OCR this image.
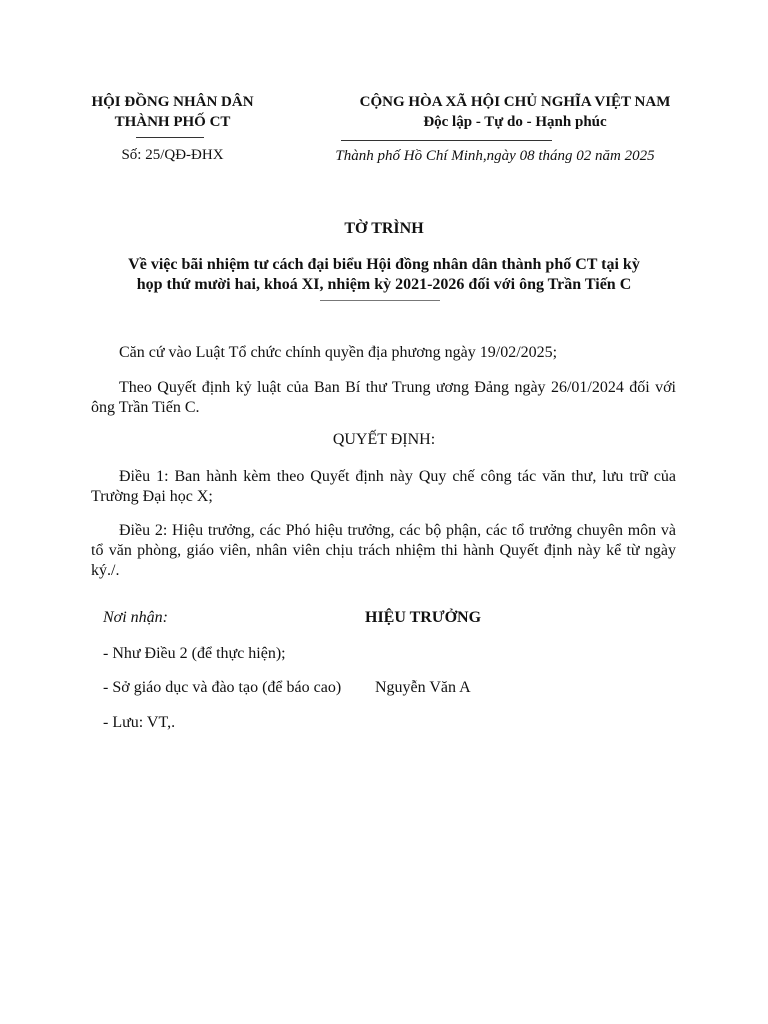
HỘI ĐỒNG NHÂN DÂN
THÀNH PHỐ CT
Số: 25/QĐ-ĐHX
CỘNG HÒA XÃ HỘI CHỦ NGHĨA VIỆT NAM
Độc lập - Tự do - Hạnh phúc
Thành phố Hồ Chí Minh,ngày 08 tháng 02 năm 2025
TỜ TRÌNH
Về việc bãi nhiệm tư cách đại biểu Hội đồng nhân dân thành phố CT tại kỳ
họp thứ mười hai, khoá XI, nhiệm kỳ 2021-2026 đối với ông Trần Tiến C
Căn cứ vào Luật Tổ chức chính quyền địa phương ngày 19/02/2025;
Theo Quyết định kỷ luật của Ban Bí thư Trung ương Đảng ngày 26/01/2024 đối với ông Trần Tiến C.
QUYẾT ĐỊNH:
Điều 1: Ban hành kèm theo Quyết định này Quy chế công tác văn thư, lưu trữ của Trường Đại học X;
Điều 2: Hiệu trưởng, các Phó hiệu trưởng, các bộ phận, các tổ trưởng chuyên môn và tổ văn phòng, giáo viên, nhân viên chịu trách nhiệm thi hành Quyết định này kể từ ngày ký./.
Nơi nhận:	HIỆU TRƯỞNG
- Như Điều 2 (để thực hiện);
- Sở giáo dục và đào tạo (để báo cao) Nguyễn Văn A
- Lưu: VT,.
